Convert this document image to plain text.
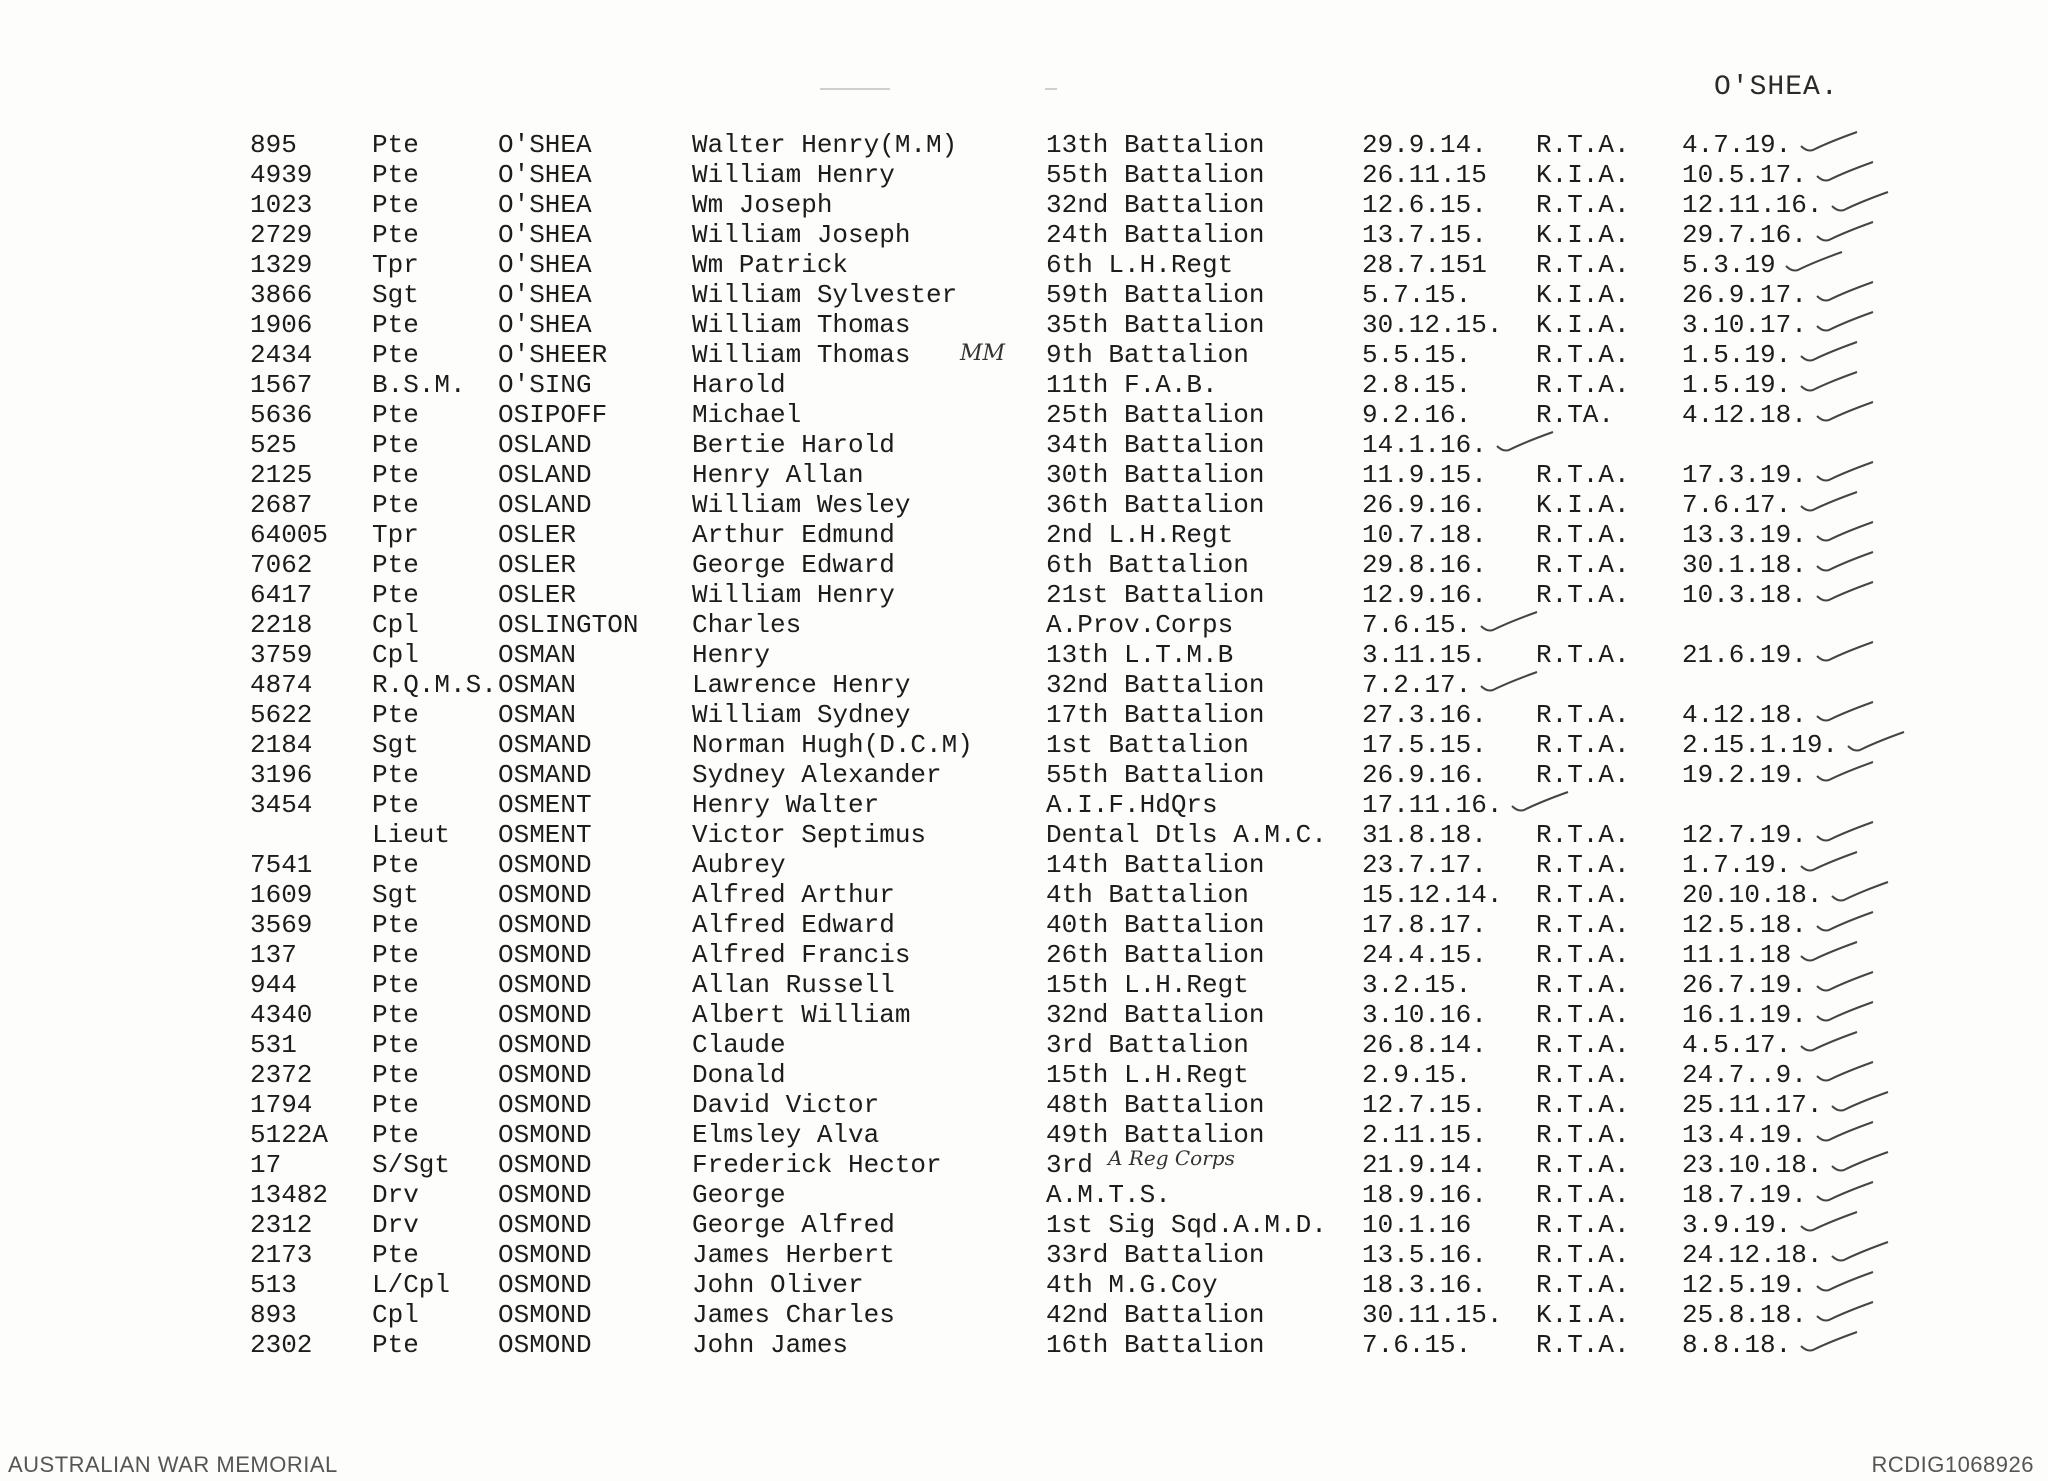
O'SHEA.
895	Pte	O'SHEA	Walter Henry(M.M)	13th Battalion	29.9.14. R.T.A. 4.7.19.
4939 Pte	O'SHEA	William Henry	55th Battalion	26.11.15 K.I.A. 10.5.17.
1023 Pte	O'SHEA	Wm Joseph	32nd Battalion	12.6.15. R.T.A. 12.11.16.
2729 Pte	O'SHEA	William Joseph	24th Battalion	13.7.15. K.I.A. 29.7.16.
1329 Tpr	O'SHEA	Wm Patrick	6th L.H.Regt	28.7.151 R.T.A. 5.3.19
3866 Sgt	O'SHEA	William Sylvester	59th Battalion	5.7.15. K.I.A. 26.9.17.
1906 Pte	O'SHEA	William Thomas	35th Battalion	30.12.15. K.I.A. 3.10.17.
2434 Pte	O'SHEER	William Thomas	9th Battalion	5.5.15. R.T.A. 1.5.19.
1567 B.S.M. O'SING	Harold	11th F.A.B.	2.8.15. R.T.A. 1.5.19.
5636 Pte	OSIPOFF	Michael	25th Battalion	9.2.16. R.TA.	4.12.18.
525	Pte	OSLAND	Bertie Harold	34th Battalion	14.1.16.
2125 Pte	OSLAND	Henry Allan	30th Battalion	11.9.15. R.T.A. 17.3.19.
2687 Pte	OSLAND	William Wesley	36th Battalion	26.9.16. K.I.A. 7.6.17.
64005 Tpr	OSLER	Arthur Edmund	2nd L.H.Regt	10.7.18. R.T.A. 13.3.19.
7062 Pte	OSLER	George Edward	6th Battalion	29.8.16. R.T.A. 30.1.18.
6417 Pte	OSLER	William Henry	21st Battalion	12.9.16. R.T.A. 10.3.18.
2218 Cpl	OSLINGTON Charles	A.Prov.Corps	7.6.15.
3759 Cpl	OSMAN	Henry	13th L.T.M.B	3.11.15. R.T.A. 21.6.19.
4874 R.Q.M.S. OSMAN	Lawrence Henry	32nd Battalion	7.2.17.
5622 Pte	OSMAN	William Sydney	17th Battalion	27.3.16. R.T.A. 4.12.18.
2184 Sgt	OSMAND	Norman Hugh(D.C.M)	1st Battalion	17.5.15. R.T.A. 2.15.1.19.
3196 Pte	OSMAND	Sydney Alexander	55th Battalion	26.9.16. R.T.A. 19.2.19.
3454 Pte	OSMENT	Henry Walter	A.I.F.HdQrs	17.11.16.
Lieut OSMENT	Victor Septimus	Dental Dtls A.M.C. 31.8.18. R.T.A. 12.7.19.
7541 Pte	OSMOND	Aubrey	14th Battalion	23.7.17. R.T.A. 1.7.19.
1609 Sgt	OSMOND	Alfred Arthur	4th Battalion	15.12.14. R.T.A. 20.10.18.
3569 Pte	OSMOND	Alfred Edward	40th Battalion	17.8.17. R.T.A. 12.5.18.
137	Pte	OSMOND	Alfred Francis	26th Battalion	24.4.15. R.T.A. 11.1.18
944	Pte	OSMOND	Allan Russell	15th L.H.Regt	3.2.15. R.T.A. 26.7.19.
4340 Pte	OSMOND	Albert William	32nd Battalion	3.10.16. R.T.A. 16.1.19.
531	Pte	OSMOND	Claude	3rd Battalion	26.8.14. R.T.A. 4.5.17.
2372 Pte	OSMOND	Donald	15th L.H.Regt	2.9.15. R.T.A. 24.7..9.
1794 Pte	OSMOND	David Victor	48th Battalion	12.7.15. R.T.A. 25.11.17.
5122A Pte	OSMOND	Elmsley Alva	49th Battalion	2.11.15. R.T.A. 13.4.19.
17	S/Sgt OSMOND	Frederick Hector	3rd	21.9.14. R.T.A. 23.10.18.
13482 Drv	OSMOND	George	A.M.T.S.	18.9.16. R.T.A. 18.7.19.
2312 Drv	OSMOND	George Alfred	1st Sig Sqd.A.M.D. 10.1.16 R.T.A. 3.9.19.
2173 Pte	OSMOND	James Herbert	33rd Battalion	13.5.16. R.T.A. 24.12.18.
513	L/Cpl OSMOND	John Oliver	4th M.G.Coy	18.3.16. R.T.A. 12.5.19.
893	Cpl	OSMOND	James Charles	42nd Battalion	30.11.15. K.I.A. 25.8.18.
2302 Pte	OSMOND	John James	16th Battalion	7.6.15. R.T.A. 8.8.18.
MM
A Reg Corps
AUSTRALIAN WAR MEMORIAL	RCDIG1068926
